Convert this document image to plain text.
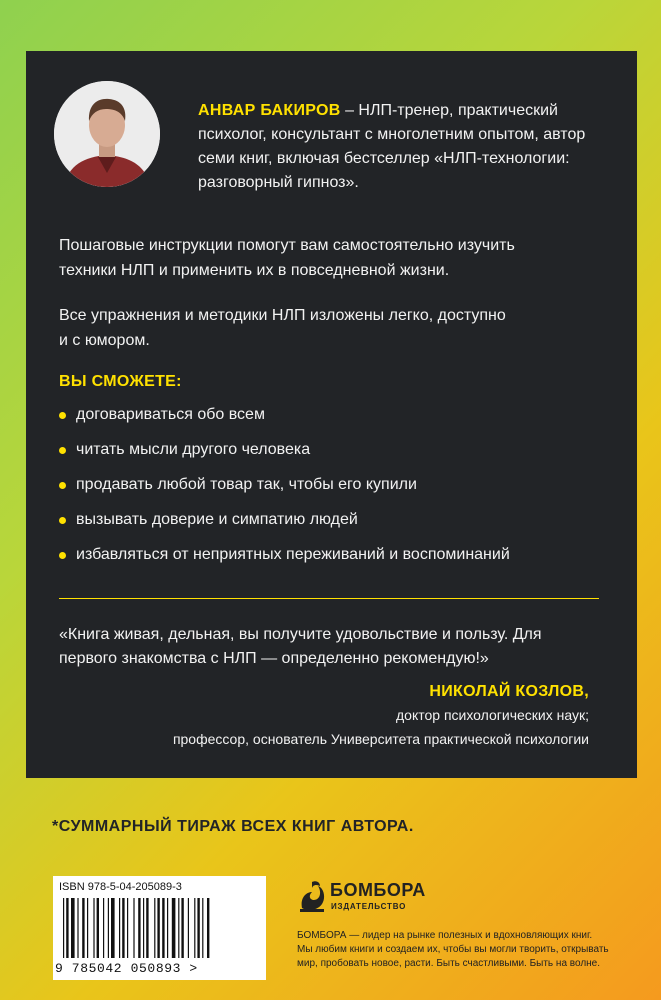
АНВАР БАКИРОВ – НЛП-тренер, практический
психолог, консультант с многолетним опытом, автор
семи книг, включая бестселлер «НЛП-технологии:
разговорный гипноз».
Пошаговые инструкции помогут вам самостоятельно изучить
техники НЛП и применить их в повседневной жизни.
Все упражнения и методики НЛП изложены легко, доступно
и с юмором.
ВЫ СМОЖЕТЕ:
договариваться обо всем
читать мысли другого человека
продавать любой товар так, чтобы его купили
вызывать доверие и симпатию людей
избавляться от неприятных переживаний и воспоминаний
«Книга живая, дельная, вы получите удовольствие и пользу. Для
первого знакомства с НЛП — определенно рекомендую!»
НИКОЛАЙ КОЗЛОВ,
доктор психологических наук;
профессор, основатель Университета практической психологии
*СУММАРНЫЙ ТИРАЖ ВСЕХ КНИГ АВТОРА.
ISBN 978-5-04-205089-3
9 785042 050893 >
БОМБОРА
ИЗДАТЕЛЬСТВО
БОМБОРА — лидер на рынке полезных и вдохновляющих книг.
Мы любим книги и создаем их, чтобы вы могли творить, открывать
мир, пробовать новое, расти. Быть счастливыми. Быть на волне.
